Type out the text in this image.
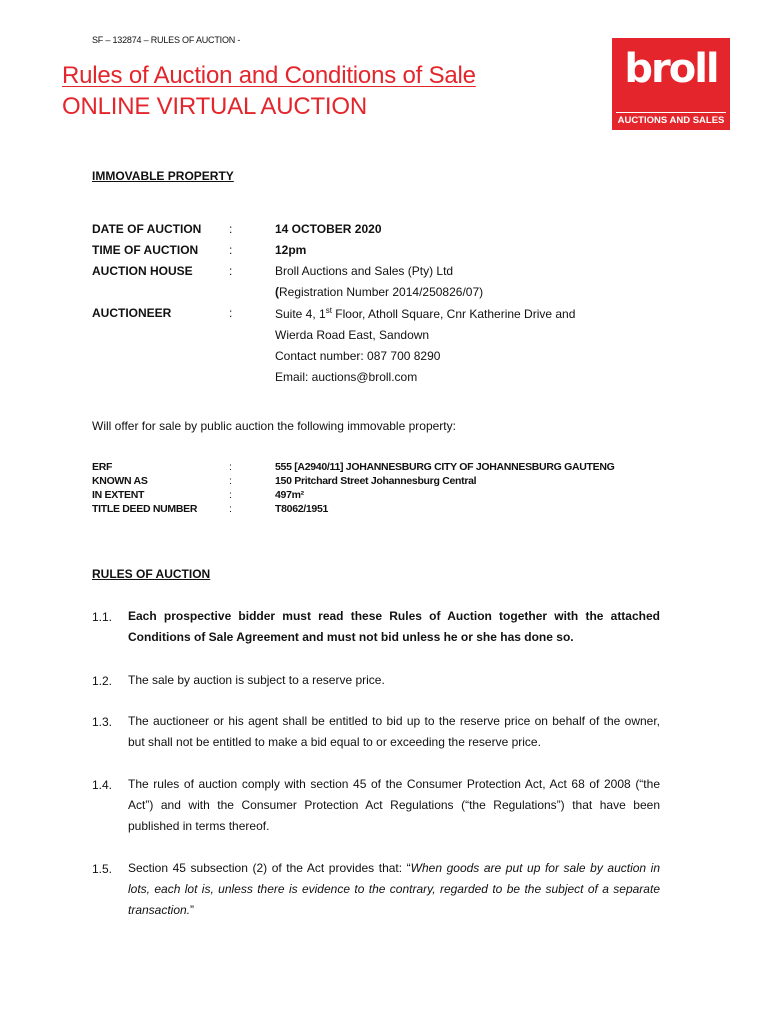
SF – 132874 – RULES OF AUCTION -
Rules of Auction and Conditions of Sale
ONLINE VIRTUAL AUCTION
broll
AUCTIONS AND SALES
IMMOVABLE PROPERTY
DATE OF AUCTION :	14 OCTOBER 2020
TIME OF AUCTION	:	12pm
AUCTION HOUSE	:	Broll Auctions and Sales (Pty) Ltd
(Registration Number 2014/250826/07)
AUCTIONEER	:	Suite 4, 1st Floor, Atholl Square, Cnr Katherine Drive and
Wierda Road East, Sandown
Contact number: 087 700 8290
Email: auctions@broll.com
Will offer for sale by public auction the following immovable property:
ERF	:	555 [A2940/11] JOHANNESBURG CITY OF JOHANNESBURG GAUTENG
KNOWN AS	:	150 Pritchard Street Johannesburg Central
IN EXTENT	:	497m²
TITLE DEED NUMBER	:	T8062/1951
RULES OF AUCTION
1.1. Each prospective bidder must read these Rules of Auction together with the attached Conditions of Sale Agreement and must not bid unless he or she has done so.
1.2. The sale by auction is subject to a reserve price.
1.3. The auctioneer or his agent shall be entitled to bid up to the reserve price on behalf of the owner, but shall not be entitled to make a bid equal to or exceeding the reserve price.
1.4. The rules of auction comply with section 45 of the Consumer Protection Act, Act 68 of 2008 (“the Act”) and with the Consumer Protection Act Regulations (“the Regulations”) that have been published in terms thereof.
1.5. Section 45 subsection (2) of the Act provides that: “When goods are put up for sale by auction in lots, each lot is, unless there is evidence to the contrary, regarded to be the subject of a separate transaction.”
